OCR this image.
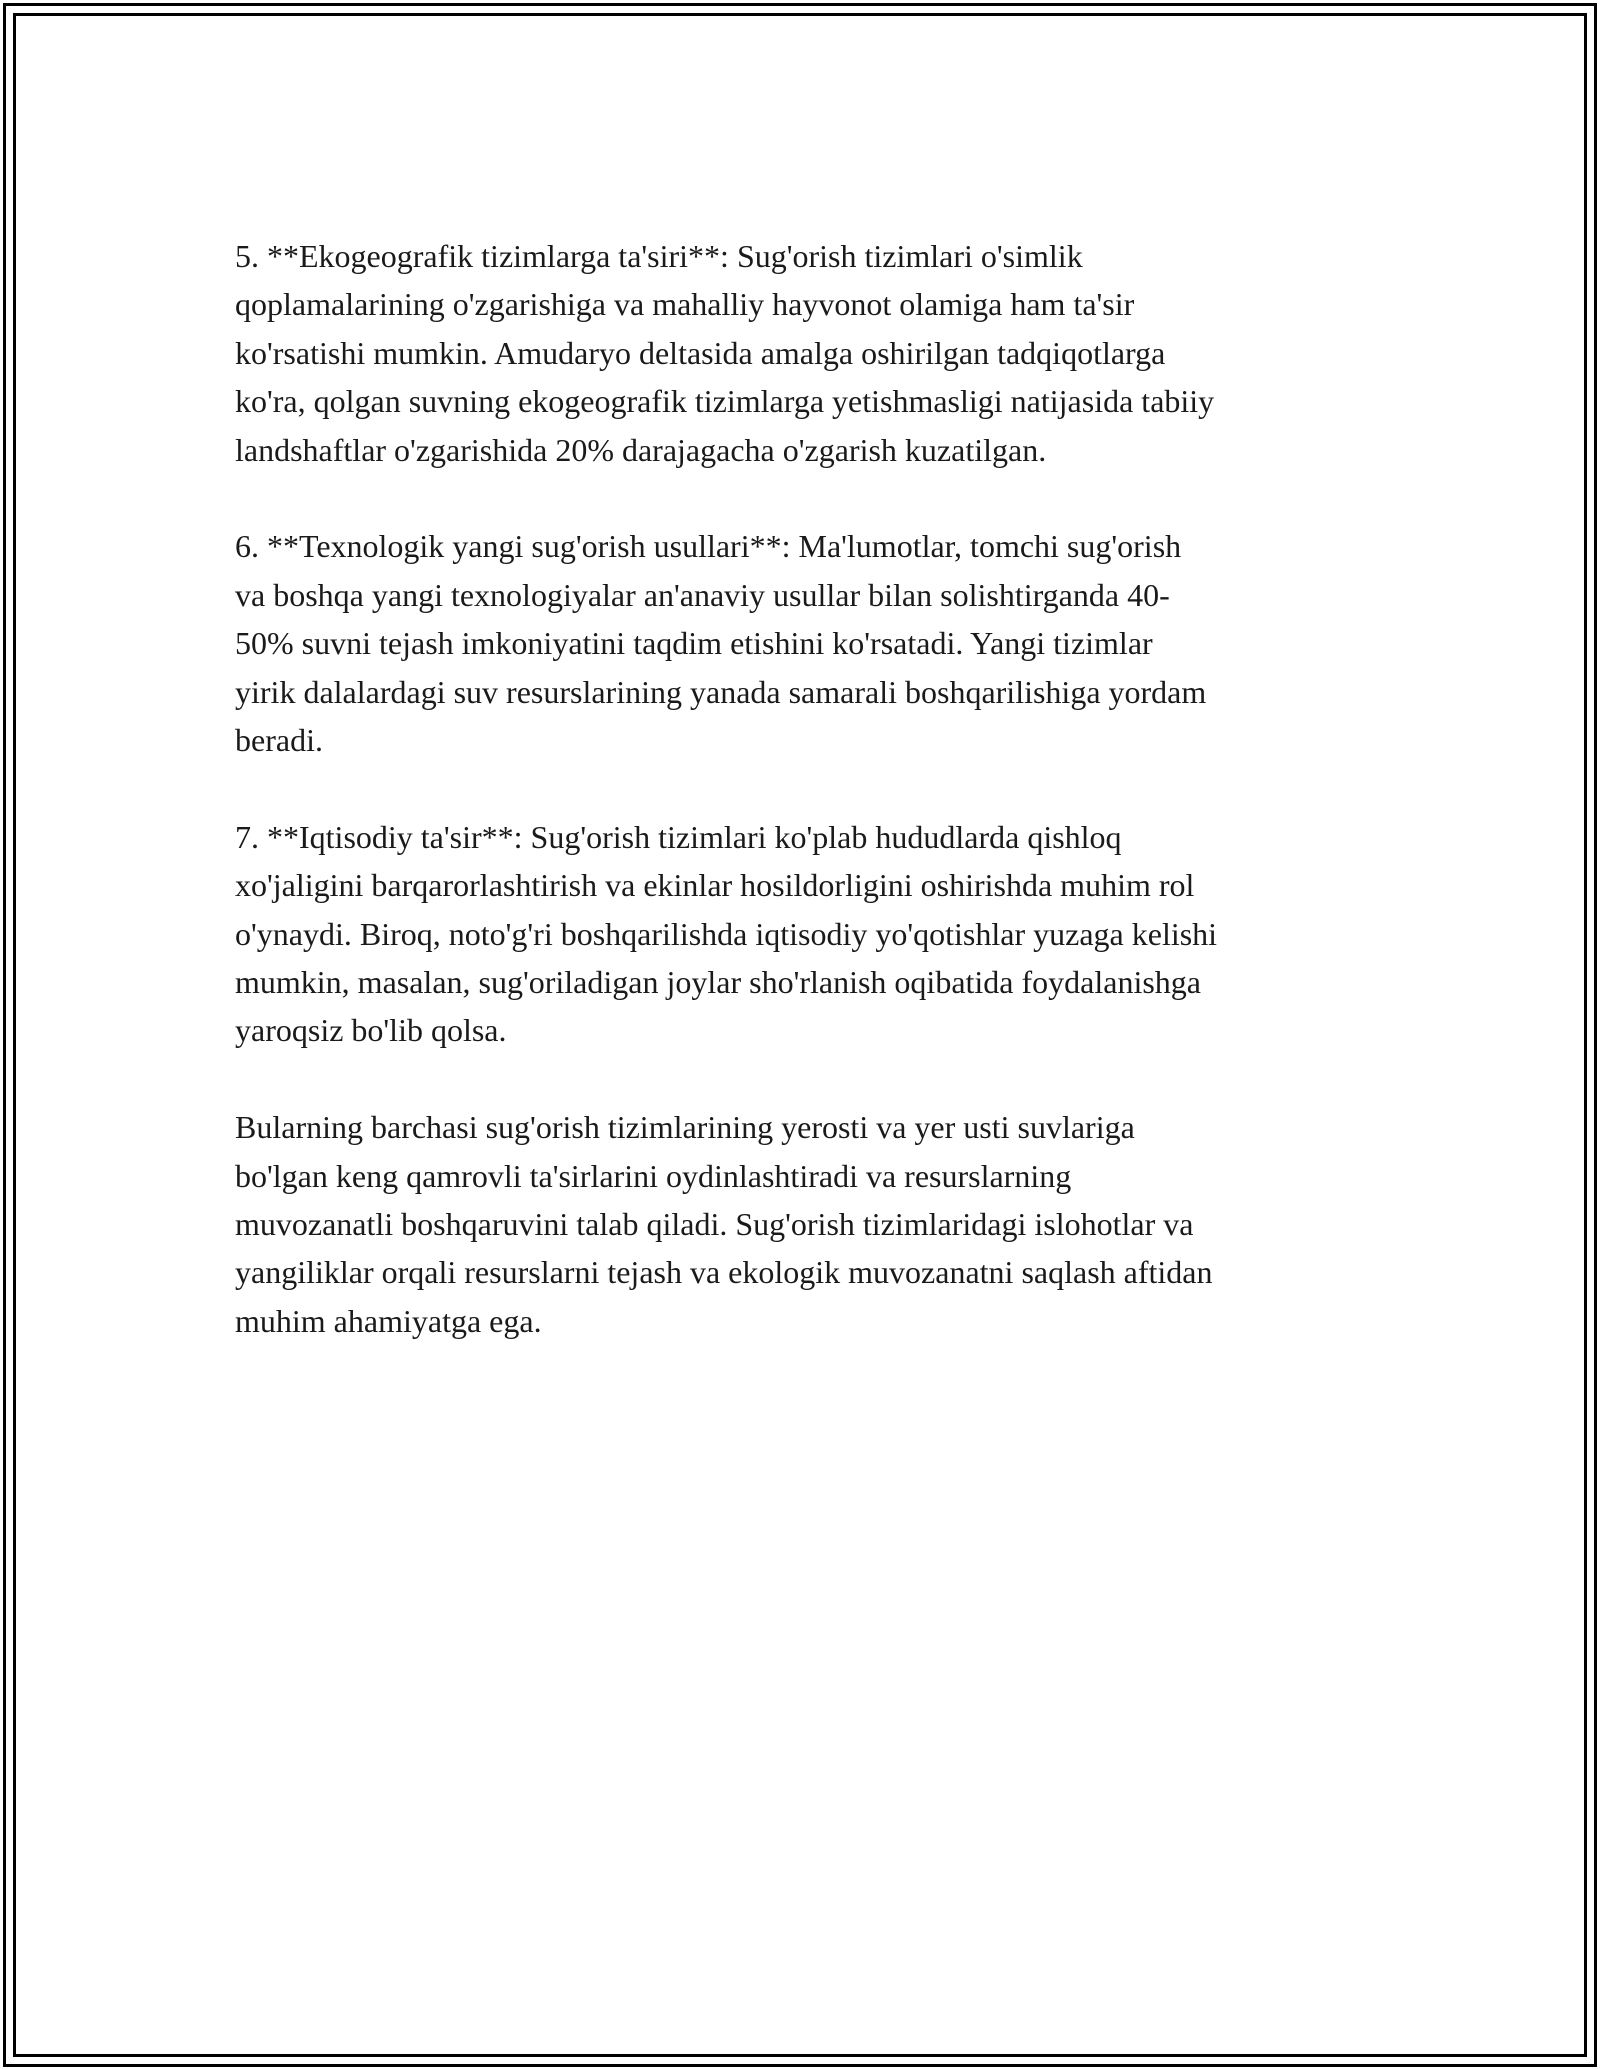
5. **Ekogeografik tizimlarga ta'siri**: Sug'orish tizimlari o'simlik
qoplamalarining o'zgarishiga va mahalliy hayvonot olamiga ham ta'sir
ko'rsatishi mumkin. Amudaryo deltasida amalga oshirilgan tadqiqotlarga
ko'ra, qolgan suvning ekogeografik tizimlarga yetishmasligi natijasida tabiiy
landshaftlar o'zgarishida 20% darajagacha o'zgarish kuzatilgan.

6. **Texnologik yangi sug'orish usullari**: Ma'lumotlar, tomchi sug'orish
va boshqa yangi texnologiyalar an'anaviy usullar bilan solishtirganda 40-
50% suvni tejash imkoniyatini taqdim etishini ko'rsatadi. Yangi tizimlar
yirik dalalardagi suv resurslarining yanada samarali boshqarilishiga yordam
beradi.

7. **Iqtisodiy ta'sir**: Sug'orish tizimlari ko'plab hududlarda qishloq
xo'jaligini barqarorlashtirish va ekinlar hosildorligini oshirishda muhim rol
o'ynaydi. Biroq, noto'g'ri boshqarilishda iqtisodiy yo'qotishlar yuzaga kelishi
mumkin, masalan, sug'oriladigan joylar sho'rlanish oqibatida foydalanishga
yaroqsiz bo'lib qolsa.

Bularning barchasi sug'orish tizimlarining yerosti va yer usti suvlariga
bo'lgan keng qamrovli ta'sirlarini oydinlashtiradi va resurslarning
muvozanatli boshqaruvini talab qiladi. Sug'orish tizimlaridagi islohotlar va
yangiliklar orqali resurslarni tejash va ekologik muvozanatni saqlash aftidan
muhim ahamiyatga ega.
